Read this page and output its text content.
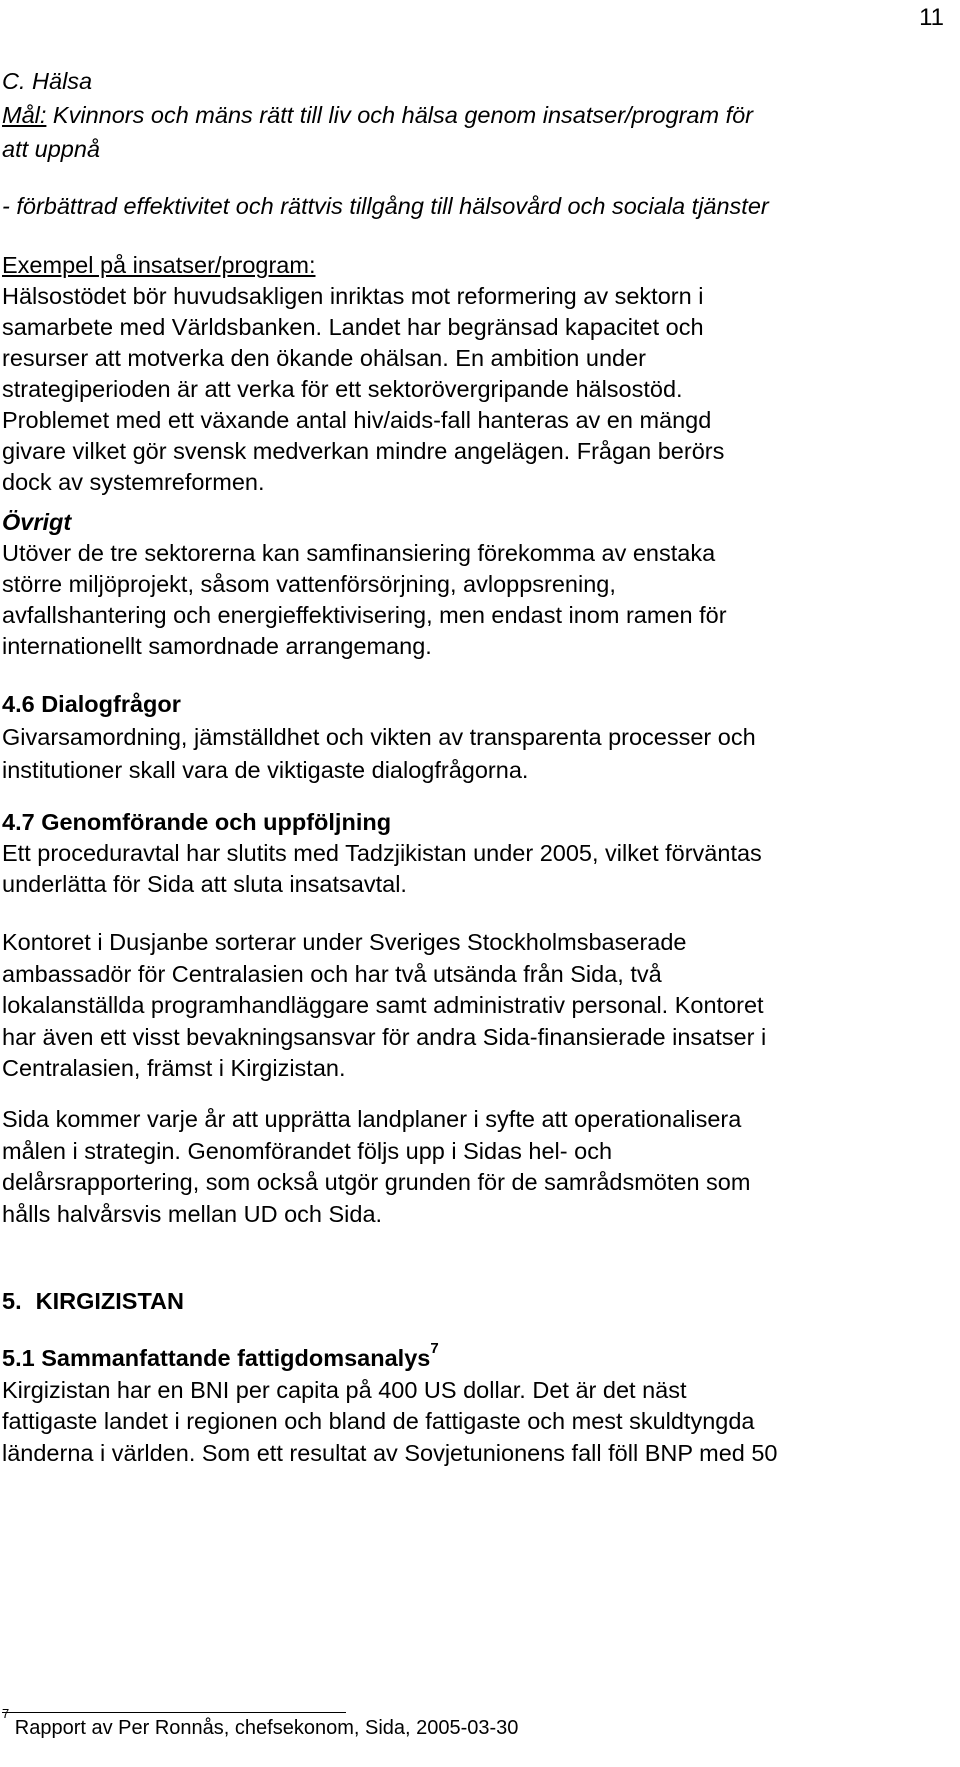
11
C. Hälsa
Mål: Kvinnors och mäns rätt till liv och hälsa genom insatser/program för
att uppnå
- förbättrad effektivitet och rättvis tillgång till hälsovård och sociala tjänster
Exempel på insatser/program:
Hälsostödet bör huvudsakligen inriktas mot reformering av sektorn i
samarbete med Världsbanken. Landet har begränsad kapacitet och
resurser att motverka den ökande ohälsan. En ambition under
strategiperioden är att verka för ett sektorövergripande hälsostöd.
Problemet med ett växande antal hiv/aids-fall hanteras av en mängd
givare vilket gör svensk medverkan mindre angelägen. Frågan berörs
dock av systemreformen.
Övrigt
Utöver de tre sektorerna kan samfinansiering förekomma av enstaka
större miljöprojekt, såsom vattenförsörjning, avloppsrening,
avfallshantering och energieffektivisering, men endast inom ramen för
internationellt samordnade arrangemang.
4.6 Dialogfrågor
Givarsamordning, jämställdhet och vikten av transparenta processer och
institutioner skall vara de viktigaste dialogfrågorna.
4.7 Genomförande och uppföljning
Ett proceduravtal har slutits med Tadzjikistan under 2005, vilket förväntas
underlätta för Sida att sluta insatsavtal.
Kontoret i Dusjanbe sorterar under Sveriges Stockholmsbaserade
ambassadör för Centralasien och har två utsända från Sida, två
lokalanställda programhandläggare samt administrativ personal. Kontoret
har även ett visst bevakningsansvar för andra Sida-finansierade insatser i
Centralasien, främst i Kirgizistan.
Sida kommer varje år att upprätta landplaner i syfte att operationalisera
målen i strategin. Genomförandet följs upp i Sidas hel- och
delårsrapportering, som också utgör grunden för de samrådsmöten som
hålls halvårsvis mellan UD och Sida.
5. KIRGIZISTAN
5.1 Sammanfattande fattigdomsanalys$^7$
Kirgizistan har en BNI per capita på 400 US dollar. Det är det näst
fattigaste landet i regionen och bland de fattigaste och mest skuldtyngda
länderna i världen. Som ett resultat av Sovjetunionens fall föll BNP med 50
$^7$ Rapport av Per Ronnås, chefsekonom, Sida, 2005-03-30
